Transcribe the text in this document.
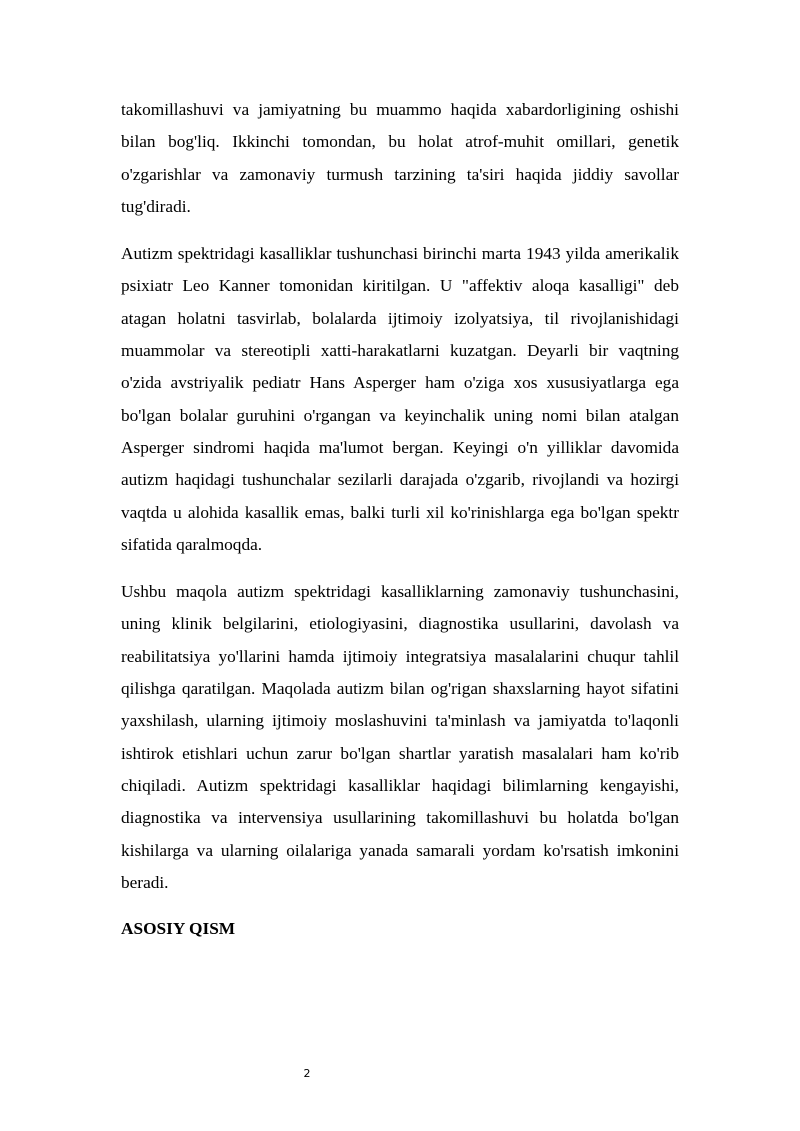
takomillashuvi va jamiyatning bu muammo haqida xabardorligining oshishi bilan bog'liq. Ikkinchi tomondan, bu holat atrof-muhit omillari, genetik o'zgarishlar va zamonaviy turmush tarzining ta'siri haqida jiddiy savollar tug'diradi.

Autizm spektridagi kasalliklar tushunchasi birinchi marta 1943 yilda amerikalik psixiatr Leo Kanner tomonidan kiritilgan. U "affektiv aloqa kasalligi" deb atagan holatni tasvirlab, bolalarda ijtimoiy izolyatsiya, til rivojlanishidagi muammolar va stereotipli xatti-harakatlarni kuzatgan. Deyarli bir vaqtning o'zida avstriyalik pediatr Hans Asperger ham o'ziga xos xususiyatlarga ega bo'lgan bolalar guruhini o'rgangan va keyinchalik uning nomi bilan atalgan Asperger sindromi haqida ma'lumot bergan. Keyingi o'n yilliklar davomida autizm haqidagi tushunchalar sezilarli darajada o'zgarib, rivojlandi va hozirgi vaqtda u alohida kasallik emas, balki turli xil ko'rinishlarga ega bo'lgan spektr sifatida qaralmoqda.

Ushbu maqola autizm spektridagi kasalliklarning zamonaviy tushunchasini, uning klinik belgilarini, etiologiyasini, diagnostika usullarini, davolash va reabilitatsiya yo'llarini hamda ijtimoiy integratsiya masalalarini chuqur tahlil qilishga qaratilgan. Maqolada autizm bilan og'rigan shaxslarning hayot sifatini yaxshilash, ularning ijtimoiy moslashuvini ta'minlash va jamiyatda to'laqonli ishtirok etishlari uchun zarur bo'lgan shartlar yaratish masalalari ham ko'rib chiqiladi. Autizm spektridagi kasalliklar haqidagi bilimlarning kengayishi, diagnostika va intervensiya usullarining takomillashuvi bu holatda bo'lgan kishilarga va ularning oilalariga yanada samarali yordam ko'rsatish imkonini beradi.

ASOSIY QISM
2
